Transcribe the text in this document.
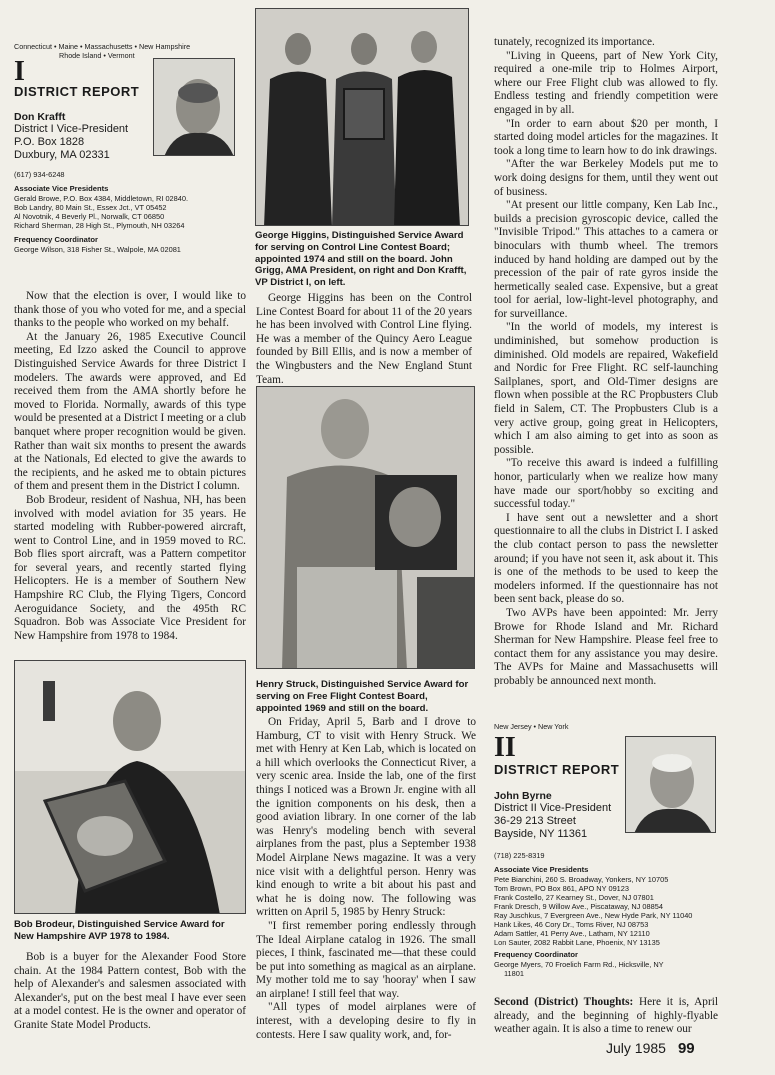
Connecticut • Maine • Massachusetts • New Hampshire
Rhode Island • Vermont
I
DISTRICT REPORT
Don Krafft
District I Vice-President
P.O. Box 1828
Duxbury, MA 02331
(617) 934-6248
Associate Vice Presidents
Gerald Browe, P.O. Box 4384, Middletown, RI 02840.
Bob Landry, 80 Main St., Essex Jct., VT 05452
Al Novotnik, 4 Beverly Pl., Norwalk, CT 06850
Richard Sherman, 28 High St., Plymouth, NH 03264
Frequency Coordinator
George Wilson, 318 Fisher St., Walpole, MA 02081

Now that the election is over, I would like to thank those of you who voted for me, and a special thanks to the people who worked on my behalf.

At the January 26, 1985 Executive Council meeting, Ed Izzo asked the Council to approve Distinguished Service Awards for three District I modelers. The awards were approved, and Ed received them from the AMA shortly before he moved to Florida. Normally, awards of this type would be presented at a District I meeting or a club banquet where proper recognition would be given. Rather than wait six months to present the awards at the Nationals, Ed elected to give the awards to the recipients, and he asked me to obtain pictures of them and present them in the District I column.

Bob Brodeur, resident of Nashua, NH, has been involved with model aviation for 35 years. He started modeling with Rubber-powered aircraft, went to Control Line, and in 1959 moved to RC. Bob flies sport aircraft, was a Pattern competitor for several years, and recently started flying Helicopters. He is a member of Southern New Hampshire RC Club, the Flying Tigers, Concord Aeroguidance Society, and the 495th RC Squadron. Bob was Associate Vice President for New Hampshire from 1978 to 1984.

Bob Brodeur, Distinguished Service Award for New Hampshire AVP 1978 to 1984.

Bob is a buyer for the Alexander Food Store chain. At the 1984 Pattern contest, Bob with the help of Alexander's and salesmen associated with Alexander's, put on the best meal I have ever seen at a model contest. He is the owner and operator of Granite State Model Products.

George Higgins, Distinguished Service Award for serving on Control Line Contest Board; appointed 1974 and still on the board. John Grigg, AMA President, on right and Don Krafft, VP District I, on left.

George Higgins has been on the Control Line Contest Board for about 11 of the 20 years he has been involved with Control Line flying. He was a member of the Quincy Aero League founded by Bill Ellis, and is now a member of the Wingbusters and the New England Stunt Team.

Henry Struck, Distinguished Service Award for serving on Free Flight Contest Board, appointed 1969 and still on the board.

On Friday, April 5, Barb and I drove to Hamburg, CT to visit with Henry Struck. We met with Henry at Ken Lab, which is located on a hill which overlooks the Connecticut River, a very scenic area. Inside the lab, one of the first things I noticed was a Brown Jr. engine with all the ignition components on his desk, then a good aviation library. In one corner of the lab was Henry's modeling bench with several airplanes from the past, plus a September 1938 Model Airplane News magazine. It was a very nice visit with a delightful person. Henry was kind enough to write a bit about his past and what he is doing now. The following was written on April 5, 1985 by Henry Struck:

"I first remember poring endlessly through The Ideal Airplane catalog in 1926. The small pieces, I think, fascinated me—that these could be put into something as magical as an airplane. My mother told me to say 'hooray' when I saw an airplane! I still feel that way.

"All types of model airplanes were of interest, with a developing desire to fly in contests. Here I saw quality work, and, for-

tunately, recognized its importance.

"Living in Queens, part of New York City, required a one-mile trip to Holmes Airport, where our Free Flight club was allowed to fly. Endless testing and friendly competition were engaged in by all.

"In order to earn about $20 per month, I started doing model articles for the magazines. It took a long time to learn how to do ink drawings.

"After the war Berkeley Models put me to work doing designs for them, until they went out of business.

"At present our little company, Ken Lab Inc., builds a precision gyroscopic device, called the "Invisible Tripod." This attaches to a camera or binoculars with thumb wheel. The tremors induced by hand holding are damped out by the precession of the pair of rate gyros inside the hermetically sealed case. Expensive, but a great tool for aerial, low-light-level photography, and for surveillance.

"In the world of models, my interest is undiminished, but somehow production is diminished. Old models are repaired, Wakefield and Nordic for Free Flight. RC self-launching Sailplanes, sport, and Old-Timer designs are flown when possible at the RC Propbusters Club field in Salem, CT. The Propbusters Club is a very active group, going great in Helicopters, which I am also aiming to get into as soon as possible.

"To receive this award is indeed a fulfilling honor, particularly when we realize how many have made our sport/hobby so exciting and successful today."

I have sent out a newsletter and a short questionnaire to all the clubs in District I. I asked the club contact person to pass the newsletter around; if you have not seen it, ask about it. This is one of the methods to be used to keep the modelers informed. If the questionnaire has not been sent back, please do so.

Two AVPs have been appointed: Mr. Jerry Browe for Rhode Island and Mr. Richard Sherman for New Hampshire. Please feel free to contact them for any assistance you may desire. The AVPs for Maine and Massachusetts will probably be announced next month.

New Jersey • New York
II
DISTRICT REPORT
John Byrne
District II Vice-President
36-29 213 Street
Bayside, NY 11361
(718) 225-8319
Associate Vice Presidents
Pete Bianchini, 260 S. Broadway, Yonkers, NY 10705
Tom Brown, PO Box 861, APO NY 09123
Frank Costello, 27 Kearney St., Dover, NJ 07801
Frank Dresch, 9 Willow Ave., Piscataway, NJ 08854
Ray Juschkus, 7 Evergreen Ave., New Hyde Park, NY 11040
Hank Likes, 46 Cory Dr., Toms River, NJ 08753
Adam Sattler, 41 Perry Ave., Latham, NY 12110
Lon Sauter, 2082 Rabbit Lane, Phoenix, NY 13135
Frequency Coordinator
George Myers, 70 Froelich Farm Rd., Hicksville, NY
11801

Second (District) Thoughts: Here it is, April already, and the beginning of highly-flyable weather again. It is also a time to renew our

July 1985 99
